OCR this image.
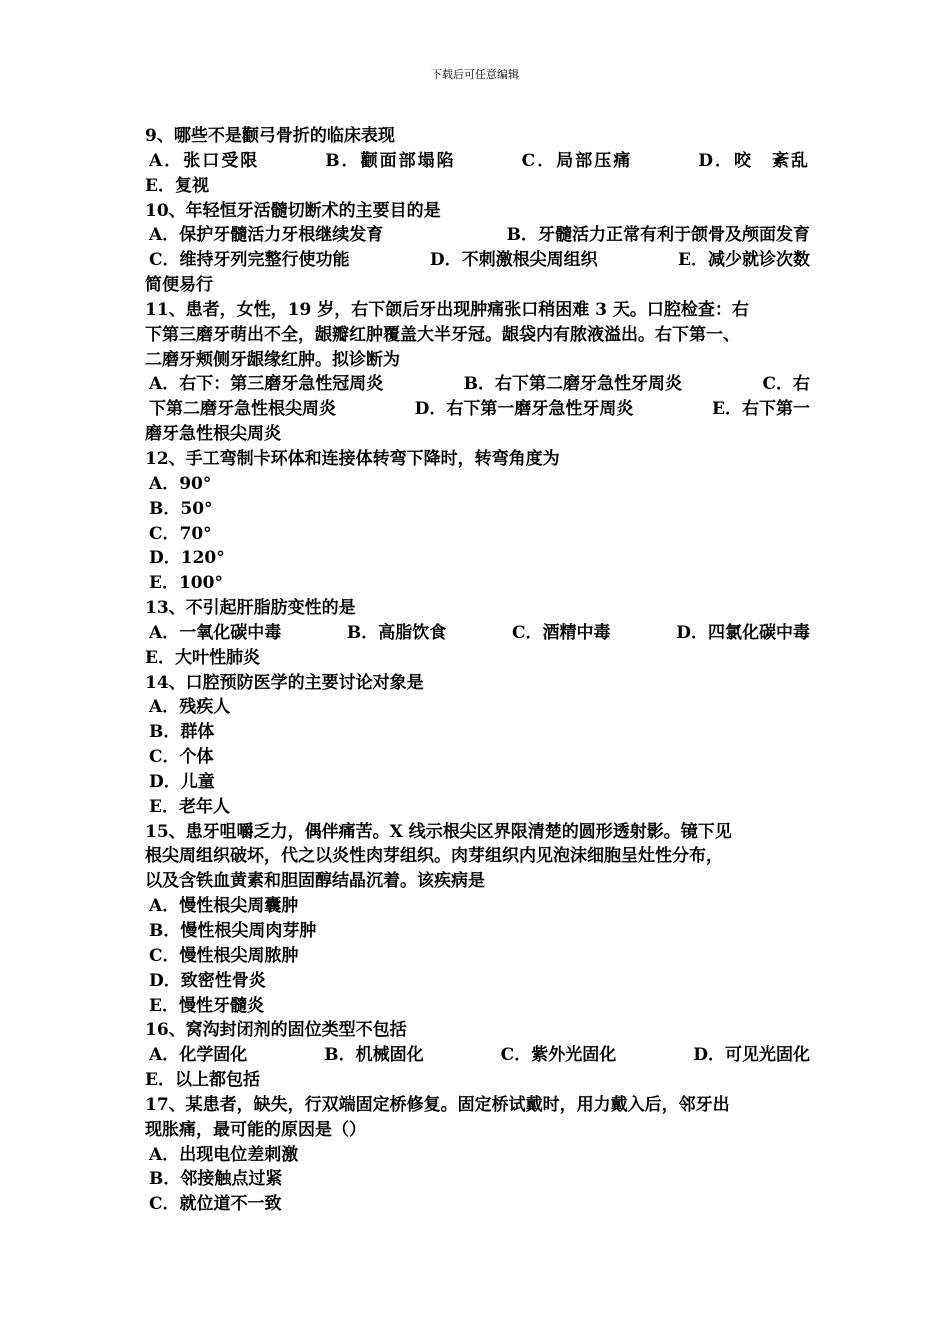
下载后可任意编辑
9、哪些不是颧弓骨折的临床表现
A．张口受限	B．颧面部塌陷	C．局部压痛	D．咬　紊乱
E．复视
10、年轻恒牙活髓切断术的主要目的是
A．保护牙髓活力牙根继续发育	B．牙髓活力正常有利于颌骨及颅面发育
C．维持牙列完整行使功能	D．不刺激根尖周组织	E．减少就诊次数
简便易行
11、患者，女性，19 岁，右下颌后牙出现肿痛张口稍困难 3 天。口腔检查：右
下第三磨牙萌出不全，龈瓣红肿覆盖大半牙冠。龈袋内有脓液溢出。右下第一、
二磨牙颊侧牙龈缘红肿。拟诊断为
A．右下：第三磨牙急性冠周炎	B．右下第二磨牙急性牙周炎	C．右
下第二磨牙急性根尖周炎	D．右下第一磨牙急性牙周炎	E．右下第一
磨牙急性根尖周炎
12、手工弯制卡环体和连接体转弯下降时，转弯角度为
A．90°
B．50°
C．70°
D．120°
E．100°
13、不引起肝脂肪变性的是
A．一氧化碳中毒	B．高脂饮食	C．酒精中毒	D．四氯化碳中毒
E．大叶性肺炎
14、口腔预防医学的主要讨论对象是
A．残疾人
B．群体
C．个体
D．儿童
E．老年人
15、患牙咀嚼乏力，偶伴痛苦。X 线示根尖区界限清楚的圆形透射影。镜下见
根尖周组织破坏，代之以炎性肉芽组织。肉芽组织内见泡沫细胞呈灶性分布，
以及含铁血黄素和胆固醇结晶沉着。该疾病是
A．慢性根尖周囊肿
B．慢性根尖周肉芽肿
C．慢性根尖周脓肿
D．致密性骨炎
E．慢性牙髓炎
16、窝沟封闭剂的固位类型不包括
A．化学固化	B．机械固化	C．紫外光固化	D．可见光固化
E．以上都包括
17、某患者，缺失，行双端固定桥修复。固定桥试戴时，用力戴入后，邻牙出
现胀痛，最可能的原因是（）
A．出现电位差刺激
B．邻接触点过紧
C．就位道不一致
